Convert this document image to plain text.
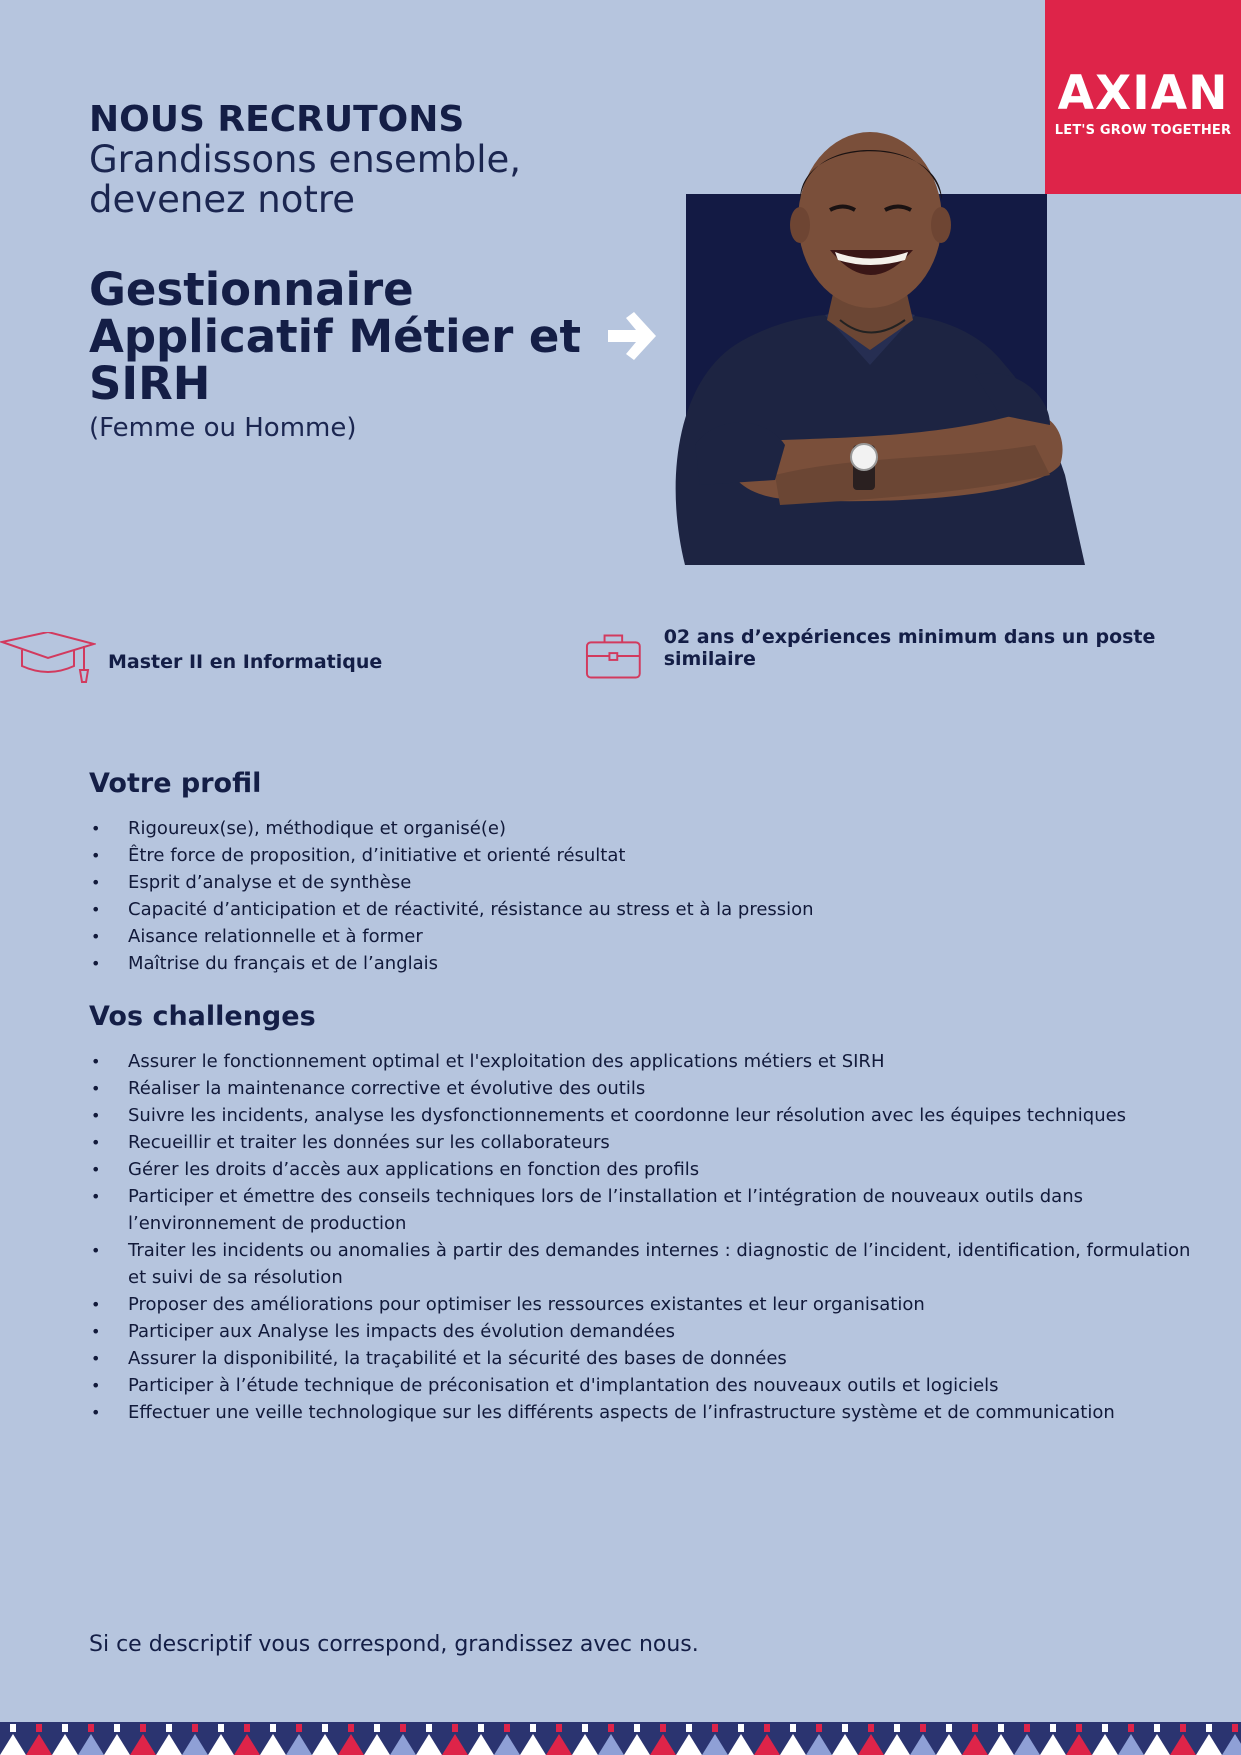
AXIAN
LET'S GROW TOGETHER
NOUS RECRUTONS
Grandissons ensemble,
devenez notre
Gestionnaire
Applicatif Métier et
SIRH
(Femme ou Homme)
Master II en Informatique
02 ans d’expériences minimum dans un poste similaire
Votre profil
• Rigoureux(se), méthodique et organisé(e)
• Être force de proposition, d’initiative et orienté résultat
• Esprit d’analyse et de synthèse
• Capacité d’anticipation et de réactivité, résistance au stress et à la pression
• Aisance relationnelle et à former
• Maîtrise du français et de l’anglais
Vos challenges
• Assurer le fonctionnement optimal et l'exploitation des applications métiers et SIRH
• Réaliser la maintenance corrective et évolutive des outils
• Suivre les incidents, analyse les dysfonctionnements et coordonne leur résolution avec les équipes techniques
• Recueillir et traiter les données sur les collaborateurs
• Gérer les droits d’accès aux applications en fonction des profils
• Participer et émettre des conseils techniques lors de l’installation et l’intégration de nouveaux outils dans l’environnement de production
• Traiter les incidents ou anomalies à partir des demandes internes : diagnostic de l’incident, identification, formulation et suivi de sa résolution
• Proposer des améliorations pour optimiser les ressources existantes et leur organisation
• Participer aux Analyse les impacts des évolution demandées
• Assurer la disponibilité, la traçabilité et la sécurité des bases de données
• Participer à l’étude technique de préconisation et d'implantation des nouveaux outils et logiciels
• Effectuer une veille technologique sur les différents aspects de l’infrastructure système et de communication
Si ce descriptif vous correspond, grandissez avec nous.
